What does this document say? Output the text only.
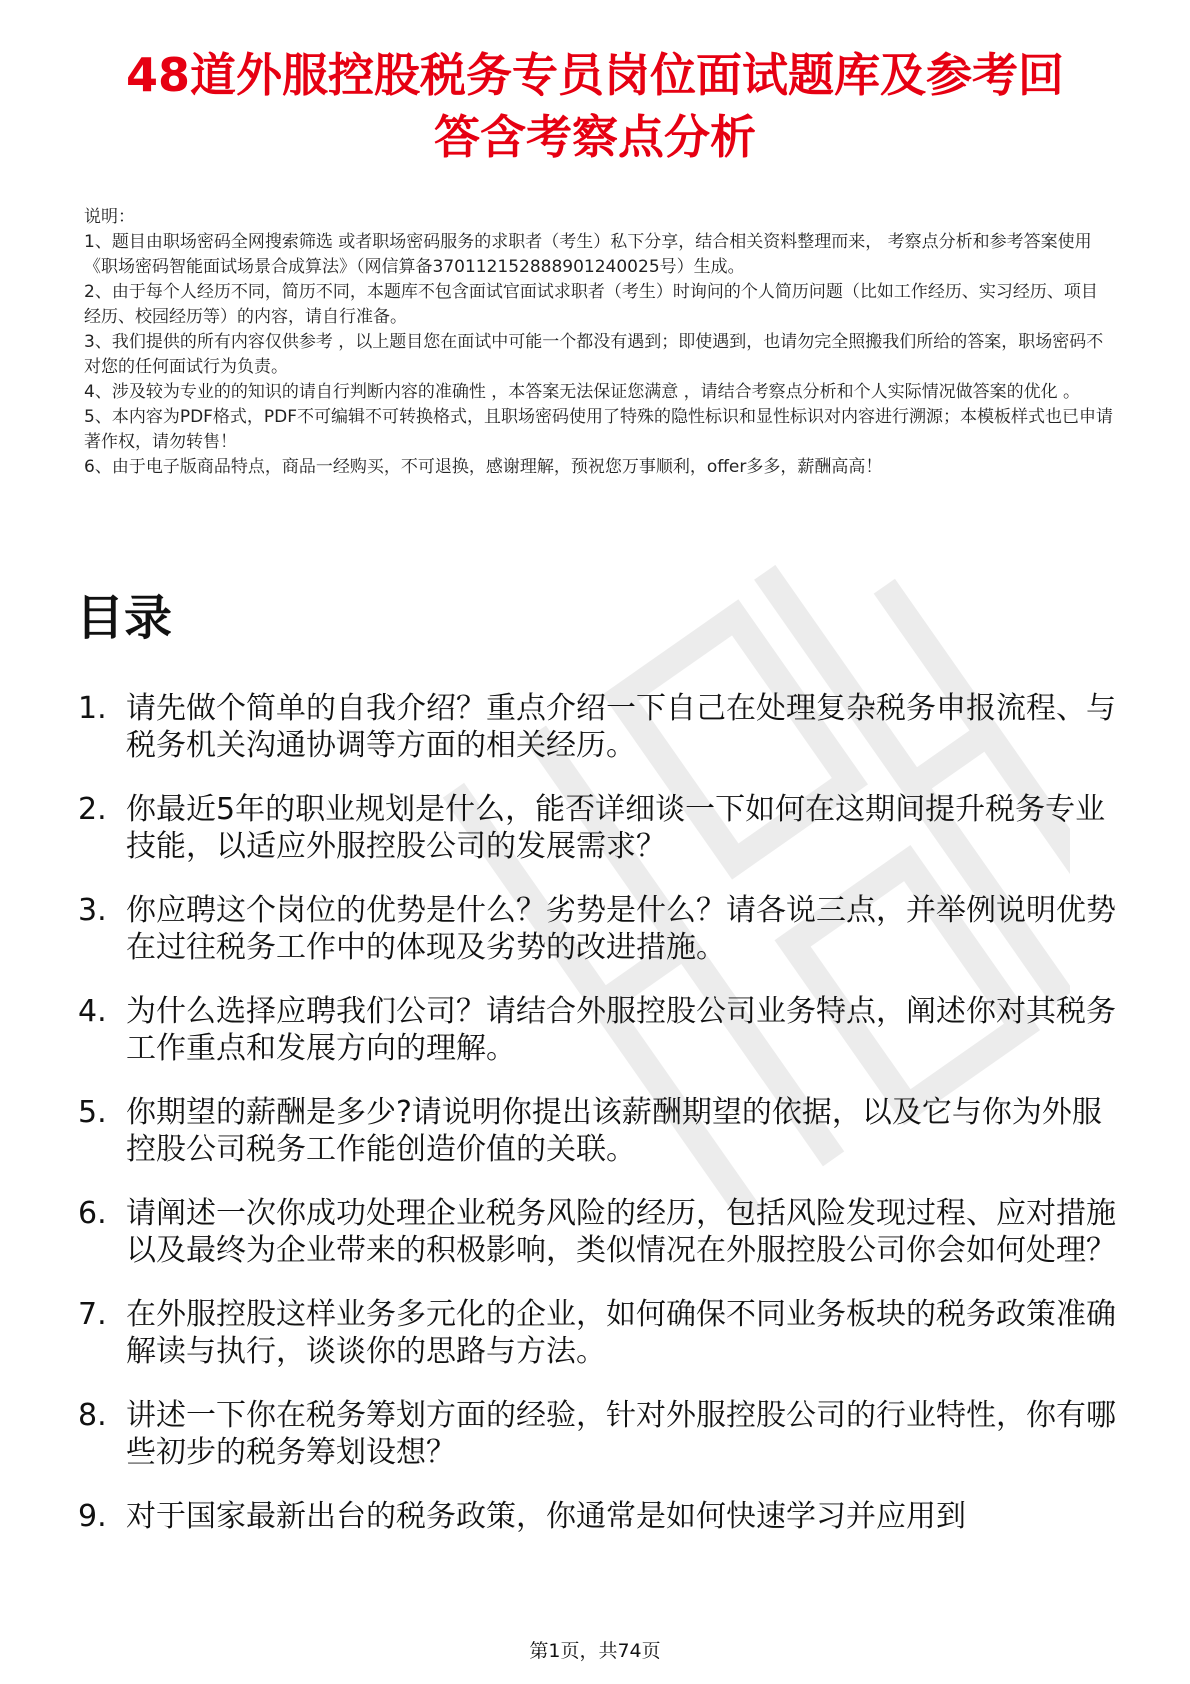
48道外服控股税务专员岗位面试题库及参考回
答含考察点分析

说明：

1、题目由职场密码全网搜索筛选 或者职场密码服务的求职者（考生）私下分享，结合相关资料整理而来， 考察点分析和参考答案使用《职场密码智能面试场景合成算法》（网信算备370112152888901240025号）生成。

2、由于每个人经历不同，简历不同，本题库不包含面试官面试求职者（考生）时询问的个人简历问题（比如工作经历、实习经历、项目经历、校园经历等）的内容，请自行准备。

3、我们提供的所有内容仅供参考 ，以上题目您在面试中可能一个都没有遇到；即使遇到，也请勿完全照搬我们所给的答案，职场密码不对您的任何面试行为负责。

4、涉及较为专业的的知识的请自行判断内容的准确性 ，本答案无法保证您满意 ，请结合考察点分析和个人实际情况做答案的优化 。

5、本内容为PDF格式，PDF不可编辑不可转换格式，且职场密码使用了特殊的隐性标识和显性标识对内容进行溯源；本模板样式也已申请著作权，请勿转售！

6、由于电子版商品特点，商品一经购买，不可退换，感谢理解，预祝您万事顺利，offer多多，薪酬高高！

目录
1. 请先做个简单的自我介绍？重点介绍一下自己在处理复杂税务申报流程、与税务机关沟通协调等方面的相关经历。
2. 你最近5年的职业规划是什么，能否详细谈一下如何在这期间提升税务专业技能，以适应外服控股公司的发展需求？
3. 你应聘这个岗位的优势是什么？劣势是什么？请各说三点，并举例说明优势在过往税务工作中的体现及劣势的改进措施。
4. 为什么选择应聘我们公司？请结合外服控股公司业务特点，阐述你对其税务工作重点和发展方向的理解。
5. 你期望的薪酬是多少?请说明你提出该薪酬期望的依据，以及它与你为外服控股公司税务工作能创造价值的关联。
6. 请阐述一次你成功处理企业税务风险的经历，包括风险发现过程、应对措施以及最终为企业带来的积极影响，类似情况在外服控股公司你会如何处理？
7. 在外服控股这样业务多元化的企业，如何确保不同业务板块的税务政策准确解读与执行，谈谈你的思路与方法。
8. 讲述一下你在税务筹划方面的经验，针对外服控股公司的行业特性，你有哪些初步的税务筹划设想？
9. 对于国家最新出台的税务政策，你通常是如何快速学习并应用到
第1页，共74页
